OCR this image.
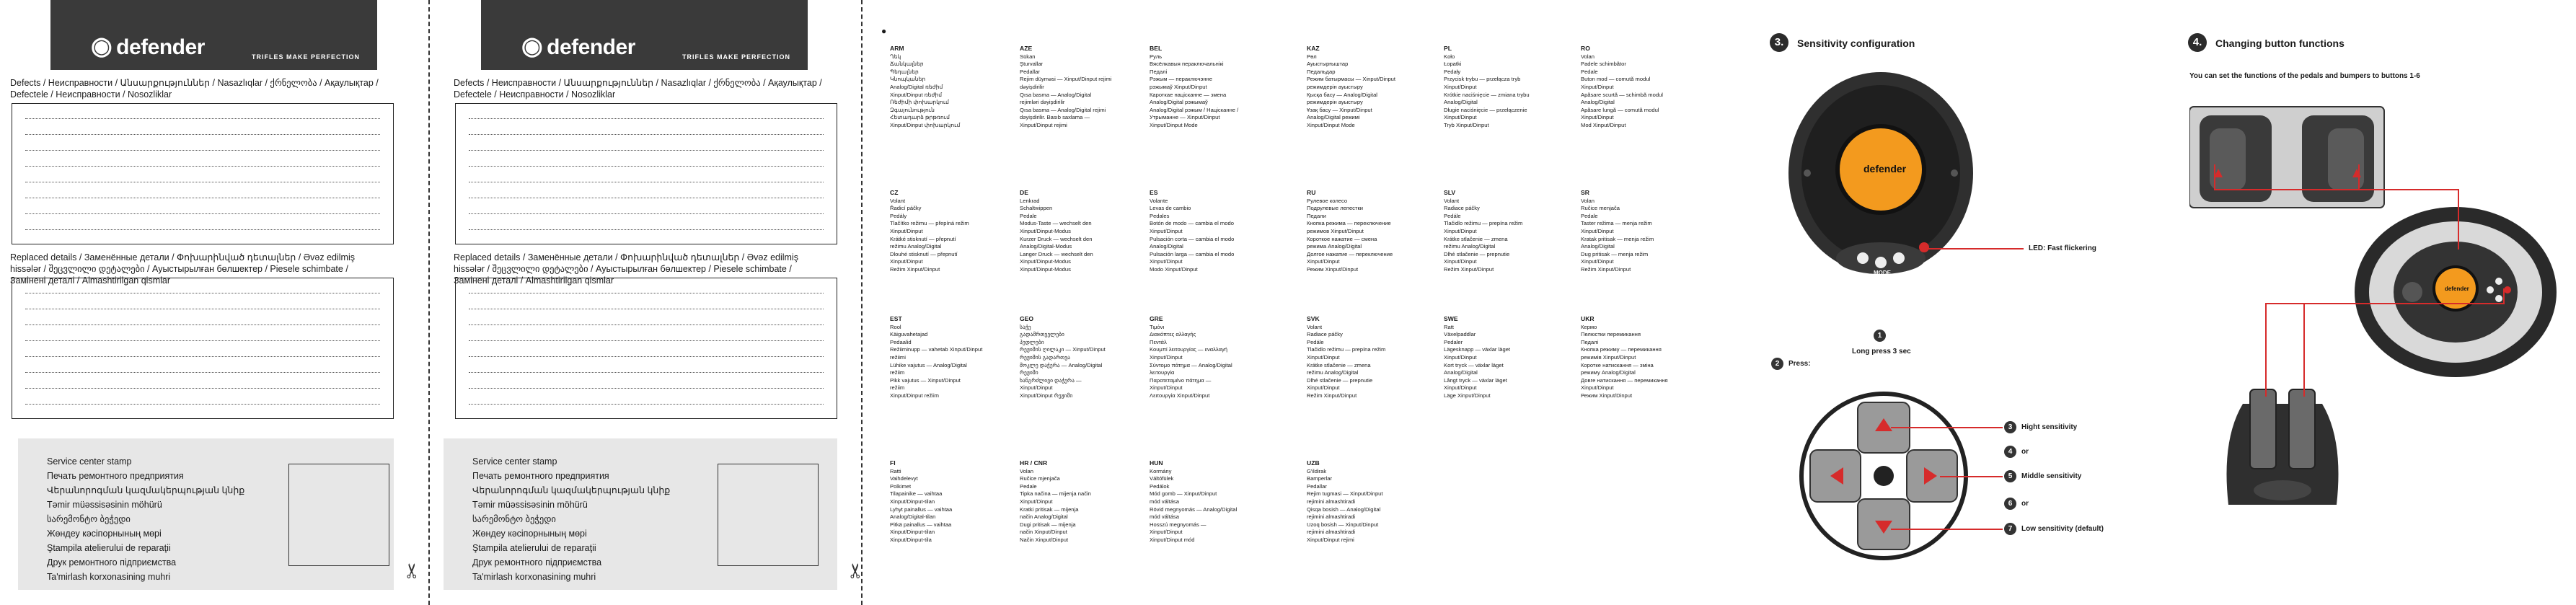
◉ defender	TRIFLES MAKE PERFECTION
Defects / Неисправности / Անսարքություններ / Nasazlıqlar / ქრნელობა / Ақаулықтар / Defectele / Неисправности / Nosozliklar
Replaced details / Заменённые детали / Փոխարինված դետալներ / Əvəz edilmiş hissələr / შეცვლილი დეტალები / Ауыстырылған бөлшектер / Piesele schimbate / Замінені деталі / Almashtirilgan qismlar
Service center stamp
Печать ремонтного предприятия
Վերանորոգման կազմակերպության կնիք
Təmir müəssisəsinin möhürü
სარემონტო ბეჭედი
Жөндеу кәсіпорнының мөрі
Ştampila atelierului de reparaţii
Друк ремонтного підприємства
Ta'mirlash korxonasining muhri	✂
◉ defender	TRIFLES MAKE PERFECTION
Defects / Неисправности / Անսարքություններ / Nasazlıqlar / ქრნელობა / Ақаулықтар / Defectele / Неисправности / Nosozliklar
Replaced details / Заменённые детали / Փոխարինված դետալներ / Əvəz edilmiş hissələr / შეცვლილი დეტალები / Ауыстырылған бөлшектер / Piesele schimbate / Замінені деталі / Almashtirilgan qismlar
Service center stamp
Печать ремонтного предприятия
Վերանորոգման կազմակերպության կնիք
Təmir müəssisəsinin möhürü
სარემონტო ბეჭედი
Жөндеу кәсіпорнының мөрі
Ştampila atelierului de reparaţii
Друк ремонтного підприємства
Ta'mirlash korxonasining muhri	✂
●
ARM
Ղեկ
Ճանկալներ
Պեդալներ
Կնոպկաներ
Analog/Digital ռեժիմ
Xinput/Dinput ռեժիմ
Ռեժիմի փոխարկում
Զգայունություն
Հետադարձ թրթռում
Xinput/Dinput փոխարկում
AZE
Sükan
Şturvallar
Pedallar
Rejim düyməsi — Xinput/Dinput rejimi
dəyişdirilir
Qısa basma — Analog/Digital
rejimləri dəyişdirilir
Qısa basma — Analog/Digital rejimi
dəyişdirilir. Basıb saxlama —
Xinput/Dinput rejimi
BEL
Руль
Вясёлкавыя пераключальнікі
Педалі
Рэжым — пераключэнне
рэжымаў Xinput/Dinput
Кароткае націсканне — змена
Analog/Digital рэжымаў
Analog/Digital рэжым / Націсканне /
Утрыманне — Xinput/Dinput
Xinput/Dinput Mode
KAZ
Рөл
Ауыстырғыштар
Педальдар
Режим батырмасы — Xinput/Dinput
режимдерін ауыстыру
Қысқа басу — Analog/Digital
режимдерін ауыстыру
Ұзақ басу — Xinput/Dinput
Analog/Digital режимі
Xinput/Dinput Mode
PL
Koło
Łopatki
Pedały
Przycisk trybu — przełącza tryb
Xinput/Dinput
Krótkie naciśnięcie — zmiana trybu
Analog/Digital
Długie naciśnięcie — przełączenie
Xinput/Dinput
Tryb Xinput/Dinput
RO
Volan
Padele schimbător
Pedale
Buton mod — comută modul
Xinput/Dinput
Apăsare scurtă — schimbă modul
Analog/Digital
Apăsare lungă — comută modul
Xinput/Dinput
Mod Xinput/Dinput
CZ
Volant
Řadicí páčky
Pedály
Tlačítko režimu — přepíná režim
Xinput/Dinput
Krátké stisknutí — přepnutí
režimu Analog/Digital
Dlouhé stisknutí — přepnutí
Xinput/Dinput
Režim Xinput/Dinput
DE
Lenkrad
Schaltwippen
Pedale
Modus-Taste — wechselt den
Xinput/Dinput-Modus
Kurzer Druck — wechselt den
Analog/Digital-Modus
Langer Druck — wechselt den
Xinput/Dinput-Modus
Xinput/Dinput-Modus
ES
Volante
Levas de cambio
Pedales
Botón de modo — cambia el modo
Xinput/Dinput
Pulsación corta — cambia el modo
Analog/Digital
Pulsación larga — cambia el modo
Xinput/Dinput
Modo Xinput/Dinput
RU
Рулевое колесо
Подрулевые лепестки
Педали
Кнопка режима — переключение
режимов Xinput/Dinput
Короткое нажатие — смена
режима Analog/Digital
Долгое нажатие — переключение
Xinput/Dinput
Режим Xinput/Dinput
SLV
Volant
Radiace páčky
Pedále
Tlačidlo režimu — prepína režim
Xinput/Dinput
Krátke stlačenie — zmena
režimu Analog/Digital
Dlhé stlačenie — prepnutie
Xinput/Dinput
Režim Xinput/Dinput
SR
Volan
Ručice menjača
Pedale
Taster režima — menja režim
Xinput/Dinput
Kratak pritisak — menja režim
Analog/Digital
Dug pritisak — menja režim
Xinput/Dinput
Režim Xinput/Dinput
EST
Rool
Käiguvahetajad
Pedaalid
Režiiminupp — vahetab Xinput/Dinput
režiimi
Lühike vajutus — Analog/Digital
režiim
Pikk vajutus — Xinput/Dinput
režiim
Xinput/Dinput režiim
GEO
საჭე
გადამრთველები
პედლები
რეჟიმის ღილაკი — Xinput/Dinput
რეჟიმის გადართვა
მოკლე დაჭერა — Analog/Digital
რეჟიმი
ხანგრძლივი დაჭერა —
Xinput/Dinput
Xinput/Dinput რეჟიმი
GRE
Τιμόνι
Διακόπτες αλλαγής
Πεντάλ
Κουμπί λειτουργίας — εναλλαγή
Xinput/Dinput
Σύντομο πάτημα — Analog/Digital
λειτουργία
Παρατεταμένο πάτημα —
Xinput/Dinput
Λειτουργία Xinput/Dinput
SVK
Volant
Radiace páčky
Pedále
Tlačidlo režimu — prepína režim
Xinput/Dinput
Krátke stlačenie — zmena
režimu Analog/Digital
Dlhé stlačenie — prepnutie
Xinput/Dinput
Režim Xinput/Dinput
SWE
Ratt
Växelpaddlar
Pedaler
Lägesknapp — växlar läget
Xinput/Dinput
Kort tryck — växlar läget
Analog/Digital
Långt tryck — växlar läget
Xinput/Dinput
Läge Xinput/Dinput
UKR
Кермо
Пелюстки перемикання
Педалі
Кнопка режиму — перемикання
режимів Xinput/Dinput
Коротке натискання — зміна
режиму Analog/Digital
Довге натискання — перемикання
Xinput/Dinput
Режим Xinput/Dinput
FI
Ratti
Vaihdelevyt
Polkimet
Tilapainike — vaihtaa
Xinput/Dinput-tilan
Lyhyt painallus — vaihtaa
Analog/Digital-tilan
Pitkä painallus — vaihtaa
Xinput/Dinput-tilan
Xinput/Dinput-tila
HR / CNR
Volan
Ručice mjenjača
Pedale
Tipka načina — mijenja način
Xinput/Dinput
Kratki pritisak — mijenja
način Analog/Digital
Dugi pritisak — mijenja
način Xinput/Dinput
Način Xinput/Dinput
HUN
Kormány
Váltófülek
Pedálok
Mód gomb — Xinput/Dinput
mód váltása
Rövid megnyomás — Analog/Digital
mód váltása
Hosszú megnyomás —
Xinput/Dinput
Xinput/Dinput mód
UZB
G'ildirak
Bamperlar
Pedallar
Rejim tugmasi — Xinput/Dinput
rejimini almashtiradi
Qisqa bosish — Analog/Digital
rejimini almashtiradi
Uzoq bosish — Xinput/Dinput
rejimini almashtiradi
Xinput/Dinput rejimi
3.	Sensitivity configuration
defender
MODE
LED: Fast flickering
1
Long press 3 sec
2	Press:
3	Hight sensitivity
4	or
5	Middle sensitivity
6	or
7	Low sensitivity (default)
4.	Changing button functions
You can set the functions of the pedals and bumpers to buttons 1-6
defender
